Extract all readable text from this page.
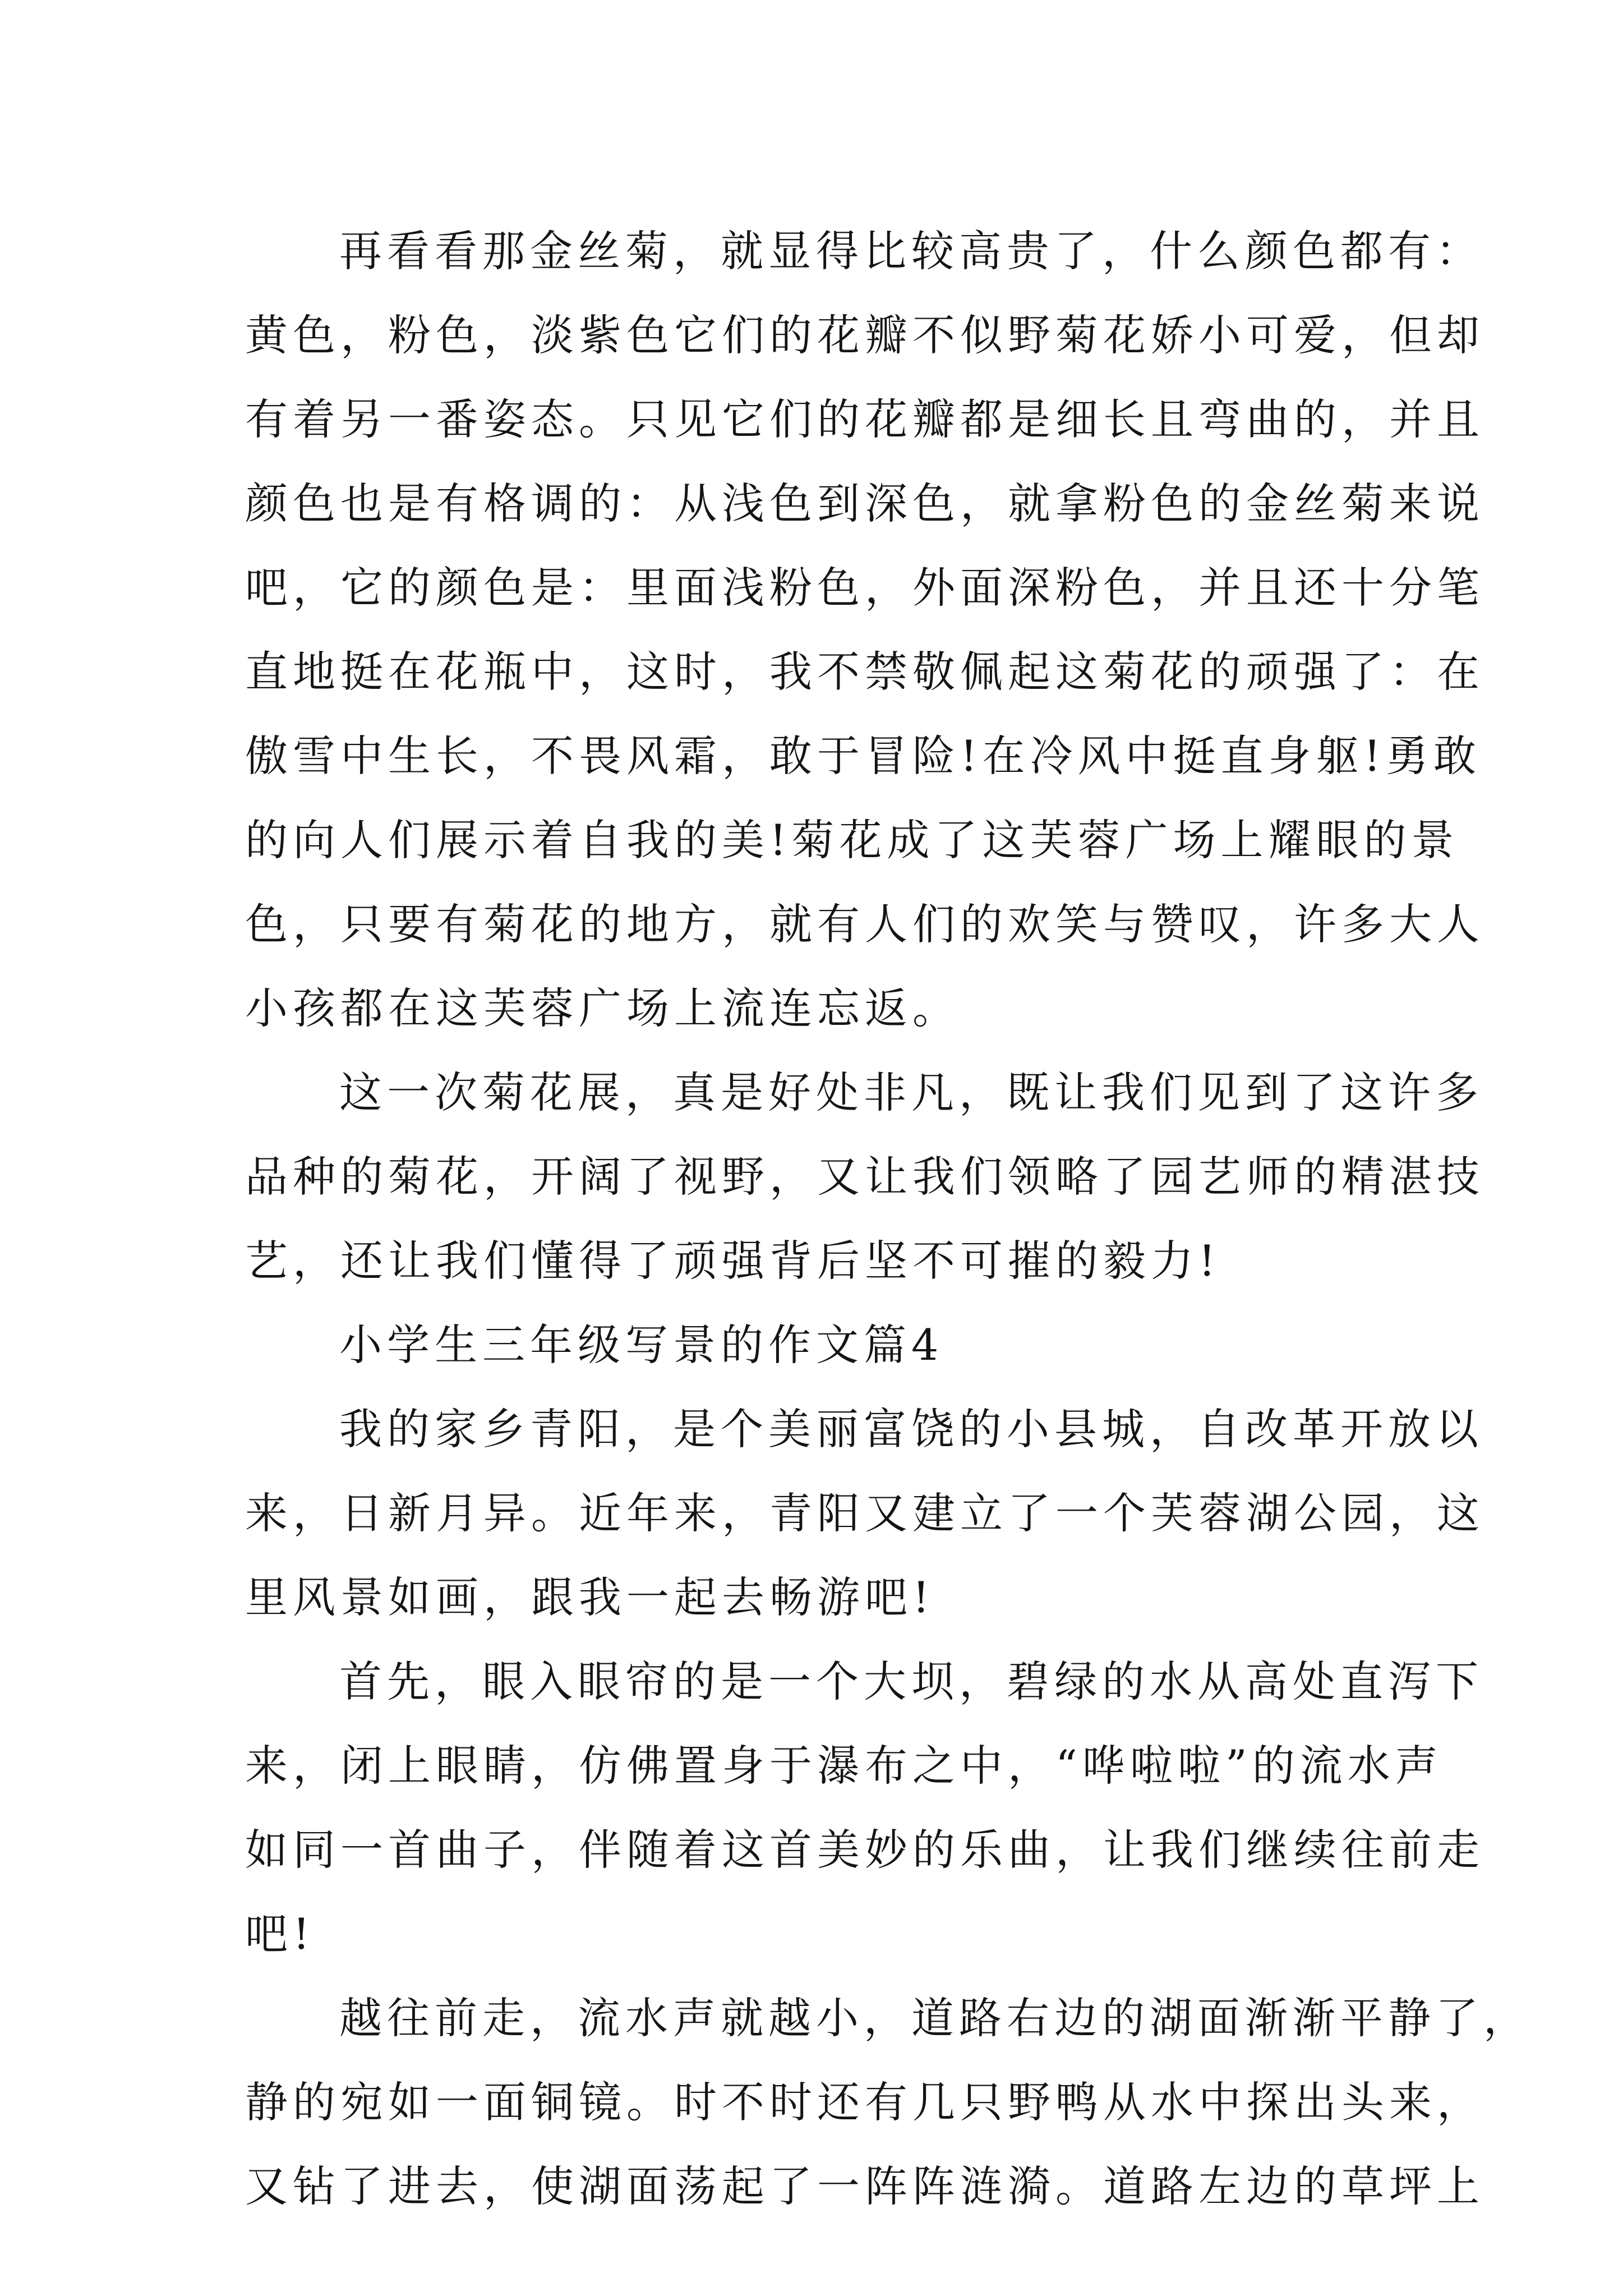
再看看那金丝菊，就显得比较高贵了，什么颜色都有：
黄色，粉色，淡紫色它们的花瓣不似野菊花娇小可爱，但却
有着另一番姿态。只见它们的花瓣都是细长且弯曲的，并且
颜色也是有格调的：从浅色到深色，就拿粉色的金丝菊来说
吧，它的颜色是：里面浅粉色，外面深粉色，并且还十分笔
直地挺在花瓶中，这时，我不禁敬佩起这菊花的顽强了：在
傲雪中生长，不畏风霜，敢于冒险!在冷风中挺直身躯!勇敢
的向人们展示着自我的美!菊花成了这芙蓉广场上耀眼的景
色，只要有菊花的地方，就有人们的欢笑与赞叹，许多大人
小孩都在这芙蓉广场上流连忘返。
这一次菊花展，真是好处非凡，既让我们见到了这许多
品种的菊花，开阔了视野，又让我们领略了园艺师的精湛技
艺，还让我们懂得了顽强背后坚不可摧的毅力!
小学生三年级写景的作文篇4
我的家乡青阳，是个美丽富饶的小县城，自改革开放以
来，日新月异。近年来，青阳又建立了一个芙蓉湖公园，这
里风景如画，跟我一起去畅游吧!
首先，眼入眼帘的是一个大坝，碧绿的水从高处直泻下
来，闭上眼睛，仿佛置身于瀑布之中，“哗啦啦”的流水声
如同一首曲子，伴随着这首美妙的乐曲，让我们继续往前走
吧!
越往前走，流水声就越小，道路右边的湖面渐渐平静了，
静的宛如一面铜镜。时不时还有几只野鸭从水中探出头来，
又钻了进去，使湖面荡起了一阵阵涟漪。道路左边的草坪上
